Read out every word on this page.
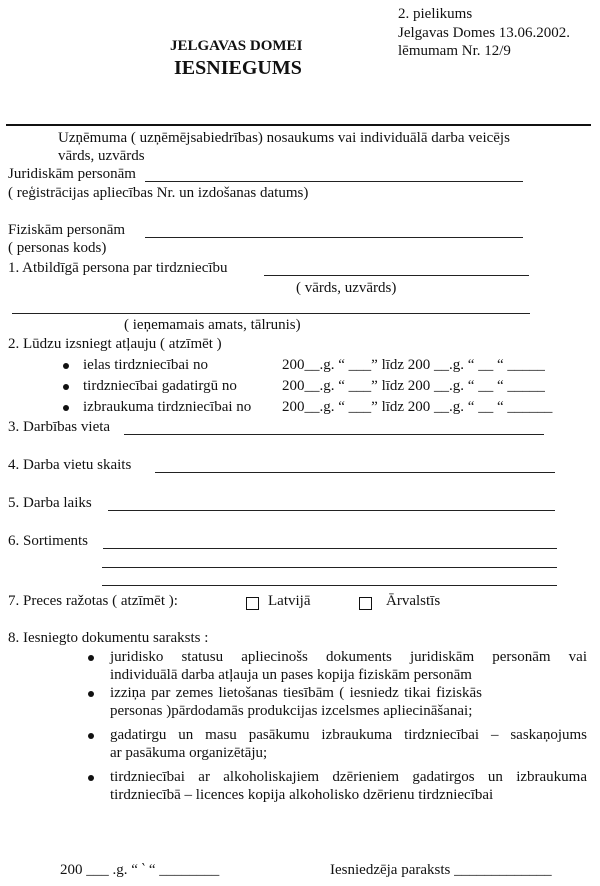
2. pielikums
Jelgavas Domes 13.06.2002.
lēmumam Nr. 12/9
JELGAVAS DOMEI
IESNIEGUMS
Uzņēmuma ( uzņēmējsabiedrības) nosaukums vai individuālā darba veicējs
vārds, uzvārds
Juridiskām personām
( reģistrācijas apliecības Nr. un izdošanas datums)
Fiziskām personām
( personas kods)
1. Atbildīgā persona par tirdzniecību
( vārds, uzvārds)
( ieņemamais amats, tālrunis)
2. Lūdzu izsniegt atļauju ( atzīmēt )
ielas tirdzniecībai no	200__.g. “ ___” līdz 200 __.g. “ __ “ _____
tirdzniecībai gadatirgū no	200__.g. “ ___” līdz 200 __.g. “ __ “ _____
izbraukuma tirdzniecībai no 200__.g. “ ___” līdz 200 __.g. “ __ “ ______
3. Darbības vieta
4. Darba vietu skaits
5. Darba laiks
6. Sortiments
7. Preces ražotas ( atzīmēt ):	Latvijā	Ārvalstīs
8. Iesniegto dokumentu saraksts :
juridisko statusu apliecinošs dokuments juridiskām personām vai
individuālā darba atļauja un pases kopija fiziskām personām
izziņa par zemes lietošanas tiesībām ( iesniedz tikai fiziskās
personas )pārdodamās produkcijas izcelsmes apliecināšanai;
gadatirgu un masu pasākumu izbraukuma tirdzniecībai – saskaņojums
ar pasākuma organizētāju;
tirdzniecībai ar alkoholiskajiem dzērieniem gadatirgos un izbraukuma
tirdzniecībā – licences kopija alkoholisko dzērienu tirdzniecībai
200 ___ .g. “ ‵ “ ________	Iesniedzēja paraksts _____________
